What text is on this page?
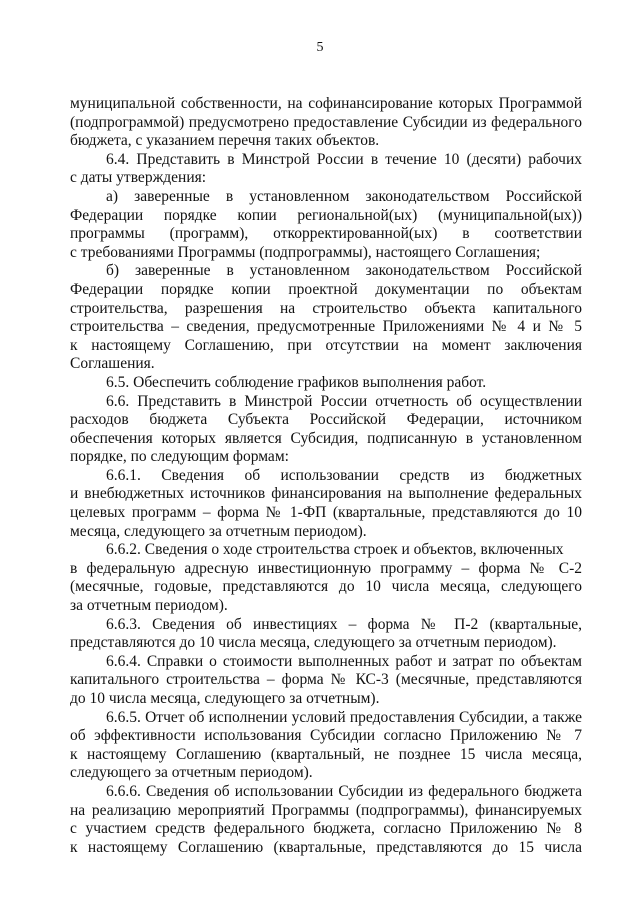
5
муниципальной собственности, на софинансирование которых Программой
(подпрограммой) предусмотрено предоставление Субсидии из федерального
бюджета, с указанием перечня таких объектов.
6.4. Представить в Минстрой России в течение 10 (десяти) рабочих
с даты утверждения:
а) заверенные в установленном законодательством Российской
Федерации порядке копии региональной(ых) (муниципальной(ых))
программы (программ), откорректированной(ых) в соответствии
с требованиями Программы (подпрограммы), настоящего Соглашения;
б) заверенные в установленном законодательством Российской
Федерации порядке копии проектной документации по объектам
строительства, разрешения на строительство объекта капитального
строительства – сведения, предусмотренные Приложениями № 4 и № 5
к настоящему Соглашению, при отсутствии на момент заключения
Соглашения.
6.5. Обеспечить соблюдение графиков выполнения работ.
6.6. Представить в Минстрой России отчетность об осуществлении
расходов бюджета Субъекта Российской Федерации, источником
обеспечения которых является Субсидия, подписанную в установленном
порядке, по следующим формам:
6.6.1. Сведения об использовании средств из бюджетных
и внебюджетных источников финансирования на выполнение федеральных
целевых программ – форма № 1-ФП (квартальные, представляются до 10
месяца, следующего за отчетным периодом).
6.6.2. Сведения о ходе строительства строек и объектов, включенных
в федеральную адресную инвестиционную программу – форма № С-2
(месячные, годовые, представляются до 10 числа месяца, следующего
за отчетным периодом).
6.6.3. Сведения об инвестициях – форма № П-2 (квартальные,
представляются до 10 числа месяца, следующего за отчетным периодом).
6.6.4. Справки о стоимости выполненных работ и затрат по объектам
капитального строительства – форма № КС-3 (месячные, представляются
до 10 числа месяца, следующего за отчетным).
6.6.5. Отчет об исполнении условий предоставления Субсидии, а также
об эффективности использования Субсидии согласно Приложению № 7
к настоящему Соглашению (квартальный, не позднее 15 числа месяца,
следующего за отчетным периодом).
6.6.6. Сведения об использовании Субсидии из федерального бюджета
на реализацию мероприятий Программы (подпрограммы), финансируемых
с участием средств федерального бюджета, согласно Приложению № 8
к настоящему Соглашению (квартальные, представляются до 15 числа
